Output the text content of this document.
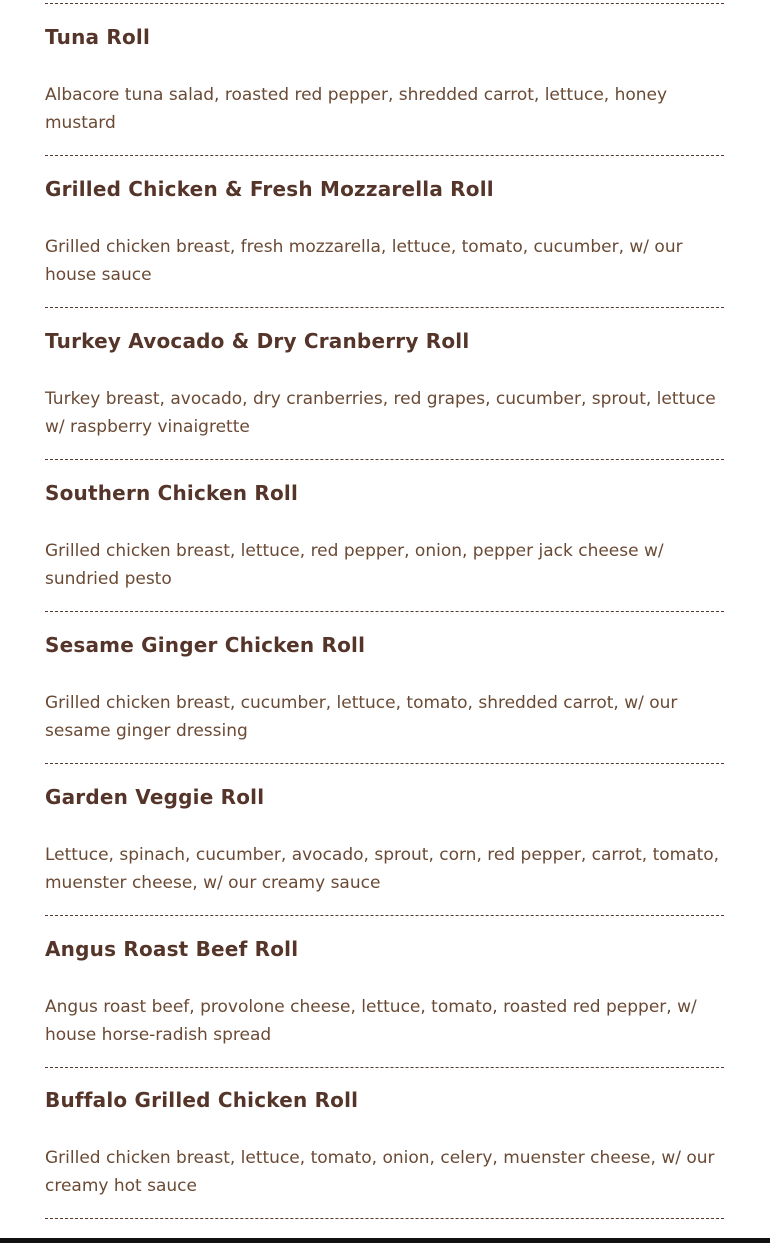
Tuna Roll
Albacore tuna salad, roasted red pepper, shredded carrot, lettuce, honey mustard
Grilled Chicken & Fresh Mozzarella Roll
Grilled chicken breast, fresh mozzarella, lettuce, tomato, cucumber, w/ our house sauce
Turkey Avocado & Dry Cranberry Roll
Turkey breast, avocado, dry cranberries, red grapes, cucumber, sprout, lettuce w/ raspberry vinaigrette
Southern Chicken Roll
Grilled chicken breast, lettuce, red pepper, onion, pepper jack cheese w/ sundried pesto
Sesame Ginger Chicken Roll
Grilled chicken breast, cucumber, lettuce, tomato, shredded carrot, w/ our sesame ginger dressing
Garden Veggie Roll
Lettuce, spinach, cucumber, avocado, sprout, corn, red pepper, carrot, tomato, muenster cheese, w/ our creamy sauce
Angus Roast Beef Roll
Angus roast beef, provolone cheese, lettuce, tomato, roasted red pepper, w/ house horse-radish spread
Buffalo Grilled Chicken Roll
Grilled chicken breast, lettuce, tomato, onion, celery, muenster cheese, w/ our creamy hot sauce
